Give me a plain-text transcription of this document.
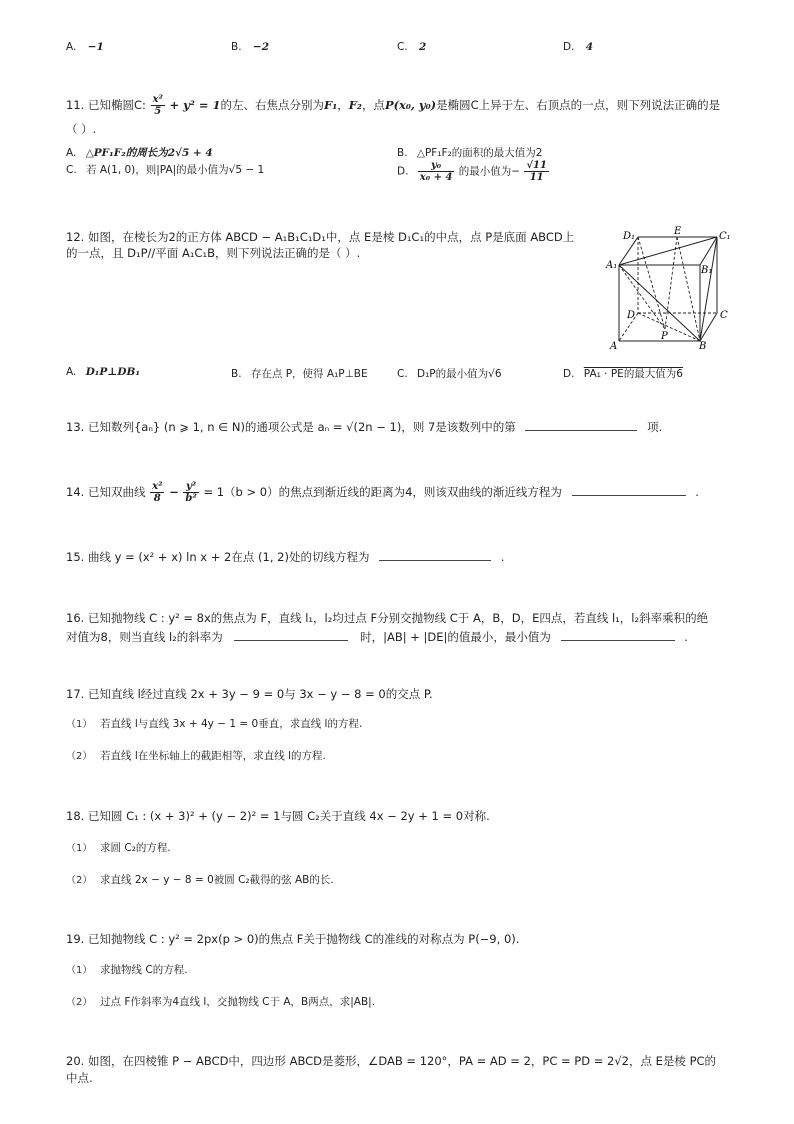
A. −1	B. −2	C. 2	D. 4
11. 已知椭圆C: $\frac{\text{x²}}{5} + y^2 = 1$的左、右焦点分别为F₁，F₂，点P(x₀, y₀)是椭圆C上异于左、右顶点的一点，则下列说法正确的是
（ ）.
A. △PF₁F₂的周长为2√5 + 4	B. △PF₁F₂的面积的最大值为2
C. 若 A(1, 0)，则|PA|的最小值为√5 − 1	D. $\frac{\text{y₀}}{\text{x₀ + 4}}$ 的最小值为− $\frac{√11}{11}$
12. 如图，在棱长为2的正方体 ABCD − A₁B₁C₁D₁中，点 E是棱 D₁C₁的中点，点 P是底面 ABCD上
的一点，且 D₁P//平面 A₁C₁B，则下列说法正确的是（ ）.
D₁	E	C₁
A₁	B₁
D	C
P
A	B
A. D₁P⊥DB₁	B. 存在点 P，使得 A₁P⊥BE	C. D₁P的最小值为√6	D. PA₁ · PE的最大值为6
13. 已知数列{aₙ} (n ⩾ 1, n ∈ N)的通项公式是 aₙ = √(2n − 1)，则 7是该数列中的第	项.
14. 已知双曲线 $\frac{\text{x²}}{8} - \frac{\text{y²}}{\text{b²}} = 1(b > 0)$的焦点到渐近线的距离为4，则该双曲线的渐近线方程为	.
15. 曲线 y = (x² + x) ln x + 2在点 (1, 2)处的切线方程为	.
16. 已知抛物线 C : y² = 8x的焦点为 F，直线 l₁，l₂均过点 F分别交抛物线 C于 A，B，D，E四点，若直线 l₁，l₂斜率乘积的绝
对值为8，则当直线 l₂的斜率为	时，|AB| + |DE|的值最小，最小值为	.
17. 已知直线 l经过直线 2x + 3y − 9 = 0与 3x − y − 8 = 0的交点 P.
（1） 若直线 l与直线 3x + 4y − 1 = 0垂直，求直线 l的方程.
（2） 若直线 l在坐标轴上的截距相等，求直线 l的方程.
18. 已知圆 C₁ : (x + 3)² + (y − 2)² = 1与圆 C₂关于直线 4x − 2y + 1 = 0对称.
（1） 求圆 C₂的方程.
（2） 求直线 2x − y − 8 = 0被圆 C₂截得的弦 AB的长.
19. 已知抛物线 C : y² = 2px(p > 0)的焦点 F关于抛物线 C的准线的对称点为 P(−9, 0).
（1） 求抛物线 C的方程.
（2） 过点 F作斜率为4直线 l，交抛物线 C于 A，B两点，求|AB|.
20. 如图，在四棱锥 P − ABCD中，四边形 ABCD是菱形，∠DAB = 120°，PA = AD = 2，PC = PD = 2√2，点 E是棱 PC的
中点.
